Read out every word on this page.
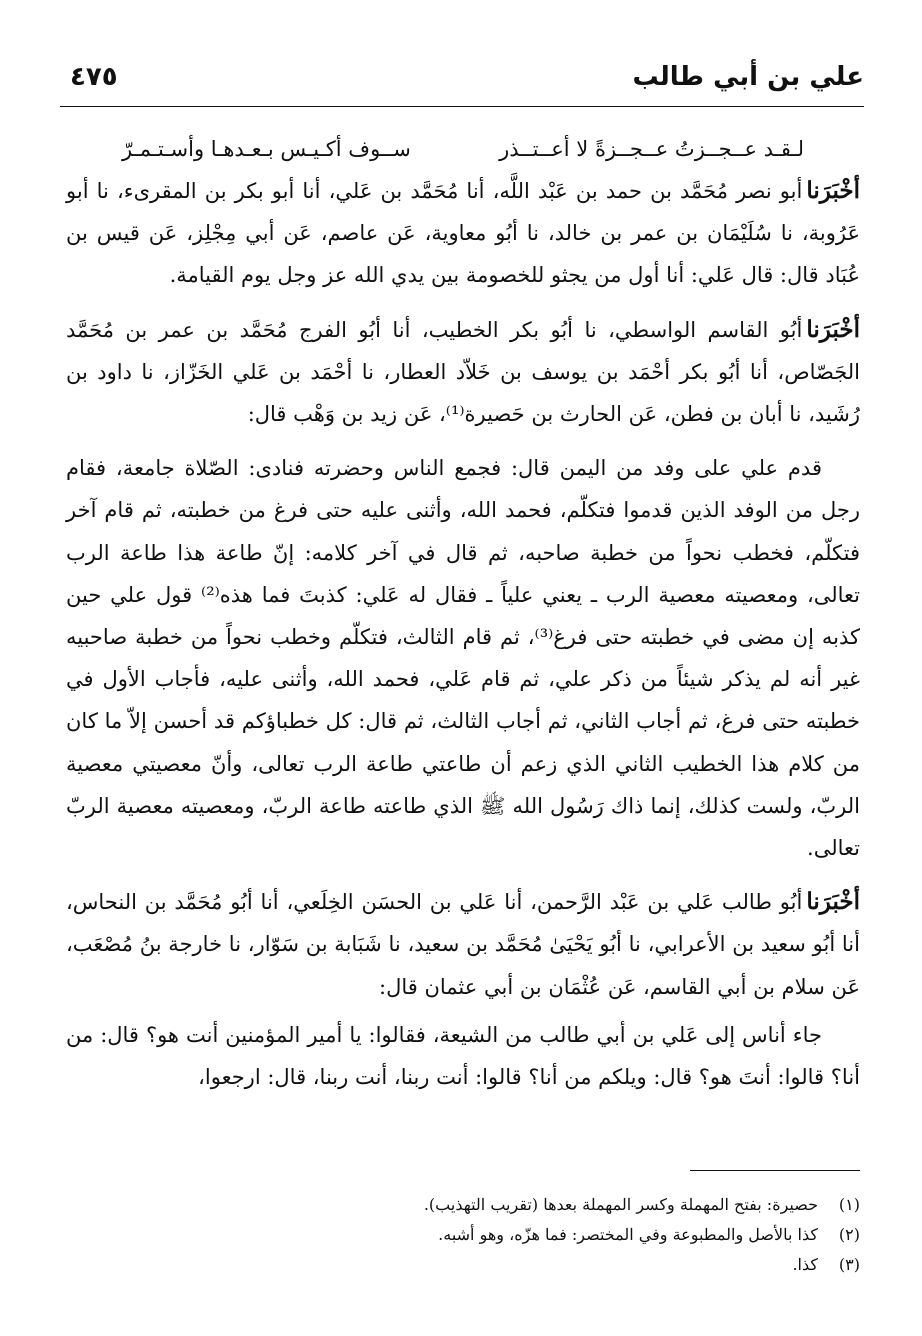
علي بن أبي طالب
٤٧٥
لـقـد عــجــزتُ عــجــزةً لا أعــتــذر
ســوف أكـيـس بـعـدهـا وأسـتـمـرّ

أخْبَرَناأبو نصر مُحَمَّد بن حمد بن عَبْد اللَّه، أنا مُحَمَّد بن عَلي، أنا أبو بكر بن المقرىء، نا أبو عَرُوبة، نا سُلَيْمَان بن عمر بن خالد، نا أبُو معاوية، عَن عاصم، عَن أبي مِجْلِز، عَن قيس بن عُبَاد قال: قال عَلي: أنا أول من يجثو للخصومة بين يدي الله عز وجل يوم القيامة.

أخْبَرَناأبُو القاسم الواسطي، نا أبُو بكر الخطيب، أنا أبُو الفرج مُحَمَّد بن عمر بن مُحَمَّد الجَصّاص، أنا أبُو بكر أحْمَد بن يوسف بن خَلاّد العطار، نا أحْمَد بن عَلي الخَزّاز، نا داود بن رُشَيد، نا أبان بن فطن، عَن الحارث بن حَصيرة⁽¹⁾، عَن زيد بن وَهْب قال:

قدم علي على وفد من اليمن قال: فجمع الناس وحضرته فنادى: الصّلاة جامعة، فقام رجل من الوفد الذين قدموا فتكلّم، فحمد الله، وأثنى عليه حتى فرغ من خطبته، ثم قام آخر فتكلّم، فخطب نحواً من خطبة صاحبه، ثم قال في آخر كلامه: إنّ طاعة هذا طاعة الرب تعالى، ومعصيته معصية الرب ـ يعني علياً ـ فقال له عَلي: كذبتَ فما هذه⁽²⁾ قول علي حين كذبه إن مضى في خطبته حتى فرغ⁽³⁾، ثم قام الثالث، فتكلّم وخطب نحواً من خطبة صاحبيه غير أنه لم يذكر شيئاً من ذكر علي، ثم قام عَلي، فحمد الله، وأثنى عليه، فأجاب الأول في خطبته حتى فرغ، ثم أجاب الثاني، ثم أجاب الثالث، ثم قال: كل خطباؤكم قد أحسن إلاّ ما كان من كلام هذا الخطيب الثاني الذي زعم أن طاعتي طاعة الرب تعالى، وأنّ معصيتي معصية الربّ، ولست كذلك، إنما ذاك رَسُول الله ﷺ الذي طاعته طاعة الربّ، ومعصيته معصية الربّ تعالى.

أخْبَرَناأبُو طالب عَلي بن عَبْد الرَّحمن، أنا عَلي بن الحسَن الخِلَعي، أنا أبُو مُحَمَّد بن النحاس، أنا أبُو سعيد بن الأعرابي، نا أبُو يَحْيَىٰ مُحَمَّد بن سعيد، نا شَبَابة بن سَوّار، نا خارجة بنُ مُصْعَب، عَن سلام بن أبي القاسم، عَن عُثْمَان بن أبي عثمان قال:

جاء أناس إلى عَلي بن أبي طالب من الشيعة، فقالوا: يا أمير المؤمنين أنت هو؟ قال: من أنا؟ قالوا: أنتَ هو؟ قال: ويلكم من أنا؟ قالوا: أنت ربنا، أنت ربنا، قال: ارجعوا،

(١)
حصيرة: بفتح المهملة وكسر المهملة بعدها (تقريب التهذيب).
(٢)
كذا بالأصل والمطبوعة وفي المختصر: فما هزّه، وهو أشبه.
(٣)
كذا.
